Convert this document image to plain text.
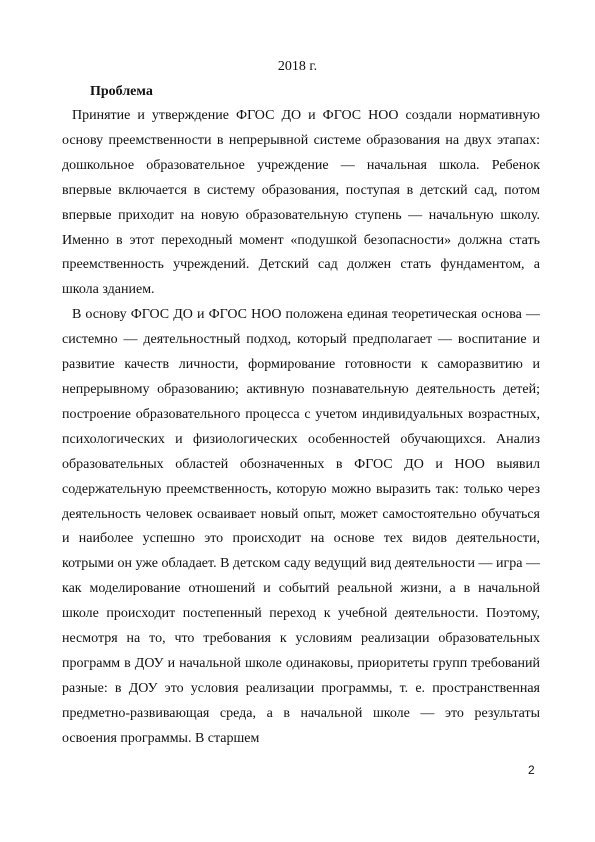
2018 г.

Проблема

Принятие и утверждение ФГОС ДО и ФГОС НОО создали нормативную основу преемственности в непрерывной системе образования на двух этапах: дошкольное образовательное учреждение — начальная школа. Ребенок впервые включается в систему образования, поступая в детский сад, потом впервые приходит на новую образовательную ступень — начальную школу. Именно в этот переходный момент «подушкой безопасности» должна стать преемственность учреждений. Детский сад должен стать фундаментом, а школа зданием.

В основу ФГОС ДО и ФГОС НОО положена единая теоретическая основа — системно — деятельностный подход, который предполагает — воспитание и развитие качеств личности, формирование готовности к саморазвитию и непрерывному образованию; активную познавательную деятельность детей; построение образовательного процесса с учетом индивидуальных возрастных, психологических и физиологических особенностей обучающихся. Анализ образовательных областей обозначенных в ФГОС ДО и НОО выявил содержательную преемственность, которую можно выразить так: только через деятельность человек осваивает новый опыт, может самостоятельно обучаться и наиболее успешно это происходит на основе тех видов деятельности, котрыми он уже обладает. В детском саду ведущий вид деятельности — игра — как моделирование отношений и событий реальной жизни, а в начальной школе происходит постепенный переход к учебной деятельности. Поэтому, несмотря на то, что требования к условиям реализации образовательных программ в ДОУ и начальной школе одинаковы, приоритеты групп требований разные: в ДОУ это условия реализации программы, т. е. пространственная предметно-развивающая среда, а в начальной школе — это результаты освоения программы. В старшем

2
